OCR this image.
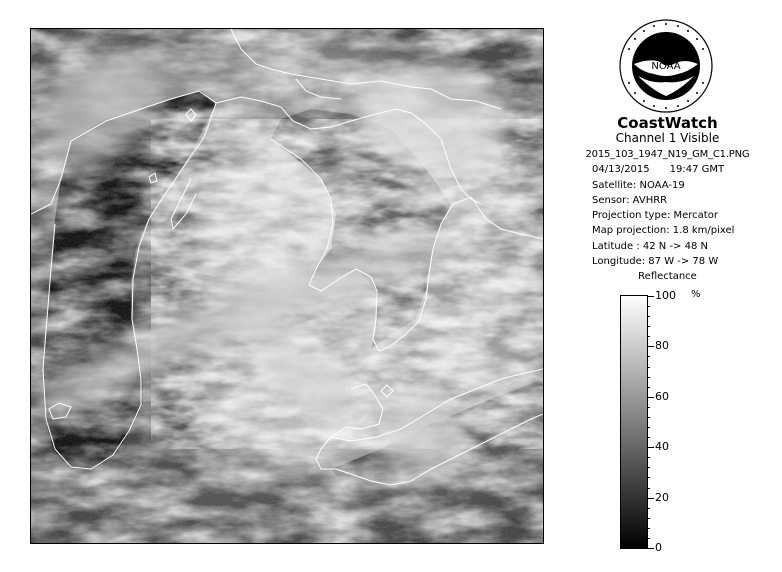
NOAA
CoastWatch
Channel 1 Visible
2015_103_1947_N19_GM_C1.PNG
04/13/2015 19:47 GMT
Satellite: NOAA-19
Sensor: AVHRR
Projection type: Mercator
Map projection: 1.8 km/pixel
Latitude : 42 N -> 48 N
Longitude: 87 W -> 78 W
Reflectance
%
100
80
60
40
20
0
